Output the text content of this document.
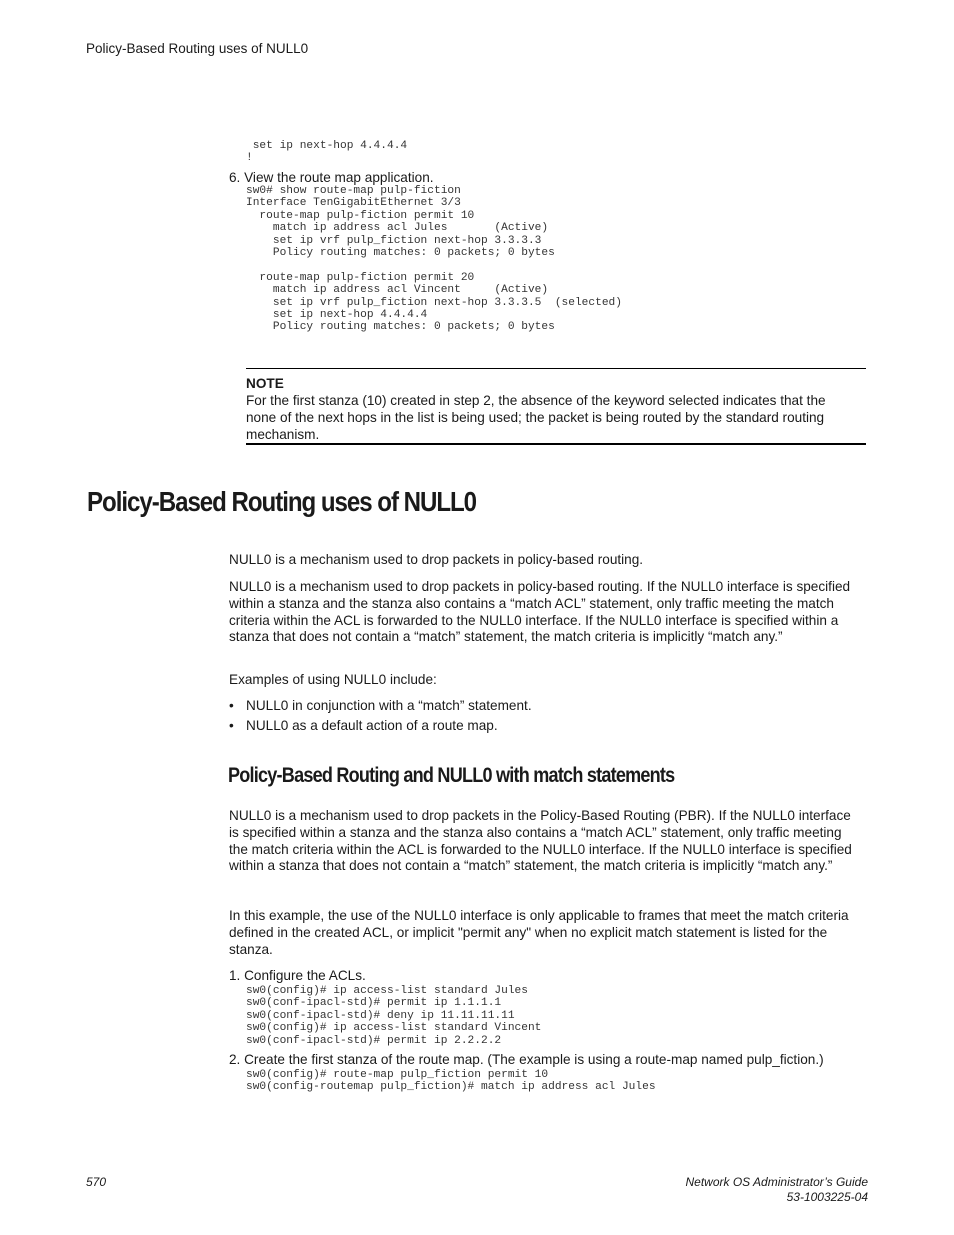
Policy-Based Routing uses of NULL0
set ip next-hop 4.4.4.4
!
6. View the route map application.
sw0# show route-map pulp-fiction
Interface TenGigabitEthernet 3/3
route-map pulp-fiction permit 10
match ip address acl Jules       (Active)
set ip vrf pulp_fiction next-hop 3.3.3.3
Policy routing matches: 0 packets; 0 bytes

route-map pulp-fiction permit 20
match ip address acl Vincent     (Active)
set ip vrf pulp_fiction next-hop 3.3.3.5  (selected)
set ip next-hop 4.4.4.4
Policy routing matches: 0 packets; 0 bytes
NOTE
For the first stanza (10) created in step 2, the absence of the keyword selected indicates that the none of the next hops in the list is being used; the packet is being routed by the standard routing mechanism.
Policy-Based Routing uses of NULL0
NULL0 is a mechanism used to drop packets in policy-based routing.
NULL0 is a mechanism used to drop packets in policy-based routing. If the NULL0 interface is specified within a stanza and the stanza also contains a “match ACL” statement, only traffic meeting the match criteria within the ACL is forwarded to the NULL0 interface. If the NULL0 interface is specified within a stanza that does not contain a “match” statement, the match criteria is implicitly “match any.”
Examples of using NULL0 include:
• NULL0 in conjunction with a “match” statement.
• NULL0 as a default action of a route map.
Policy-Based Routing and NULL0 with match statements
NULL0 is a mechanism used to drop packets in the Policy-Based Routing (PBR). If the NULL0 interface is specified within a stanza and the stanza also contains a “match ACL” statement, only traffic meeting the match criteria within the ACL is forwarded to the NULL0 interface. If the NULL0 interface is specified within a stanza that does not contain a “match” statement, the match criteria is implicitly “match any.”
In this example, the use of the NULL0 interface is only applicable to frames that meet the match criteria defined in the created ACL, or implicit "permit any" when no explicit match statement is listed for the stanza.
1. Configure the ACLs.
sw0(config)# ip access-list standard Jules
sw0(conf-ipacl-std)# permit ip 1.1.1.1
sw0(conf-ipacl-std)# deny ip 11.11.11.11
sw0(config)# ip access-list standard Vincent
sw0(conf-ipacl-std)# permit ip 2.2.2.2
2. Create the first stanza of the route map. (The example is using a route-map named pulp_fiction.)
sw0(config)# route-map pulp_fiction permit 10
sw0(config-routemap pulp_fiction)# match ip address acl Jules
570	Network OS Administrator’s Guide
53-1003225-04
